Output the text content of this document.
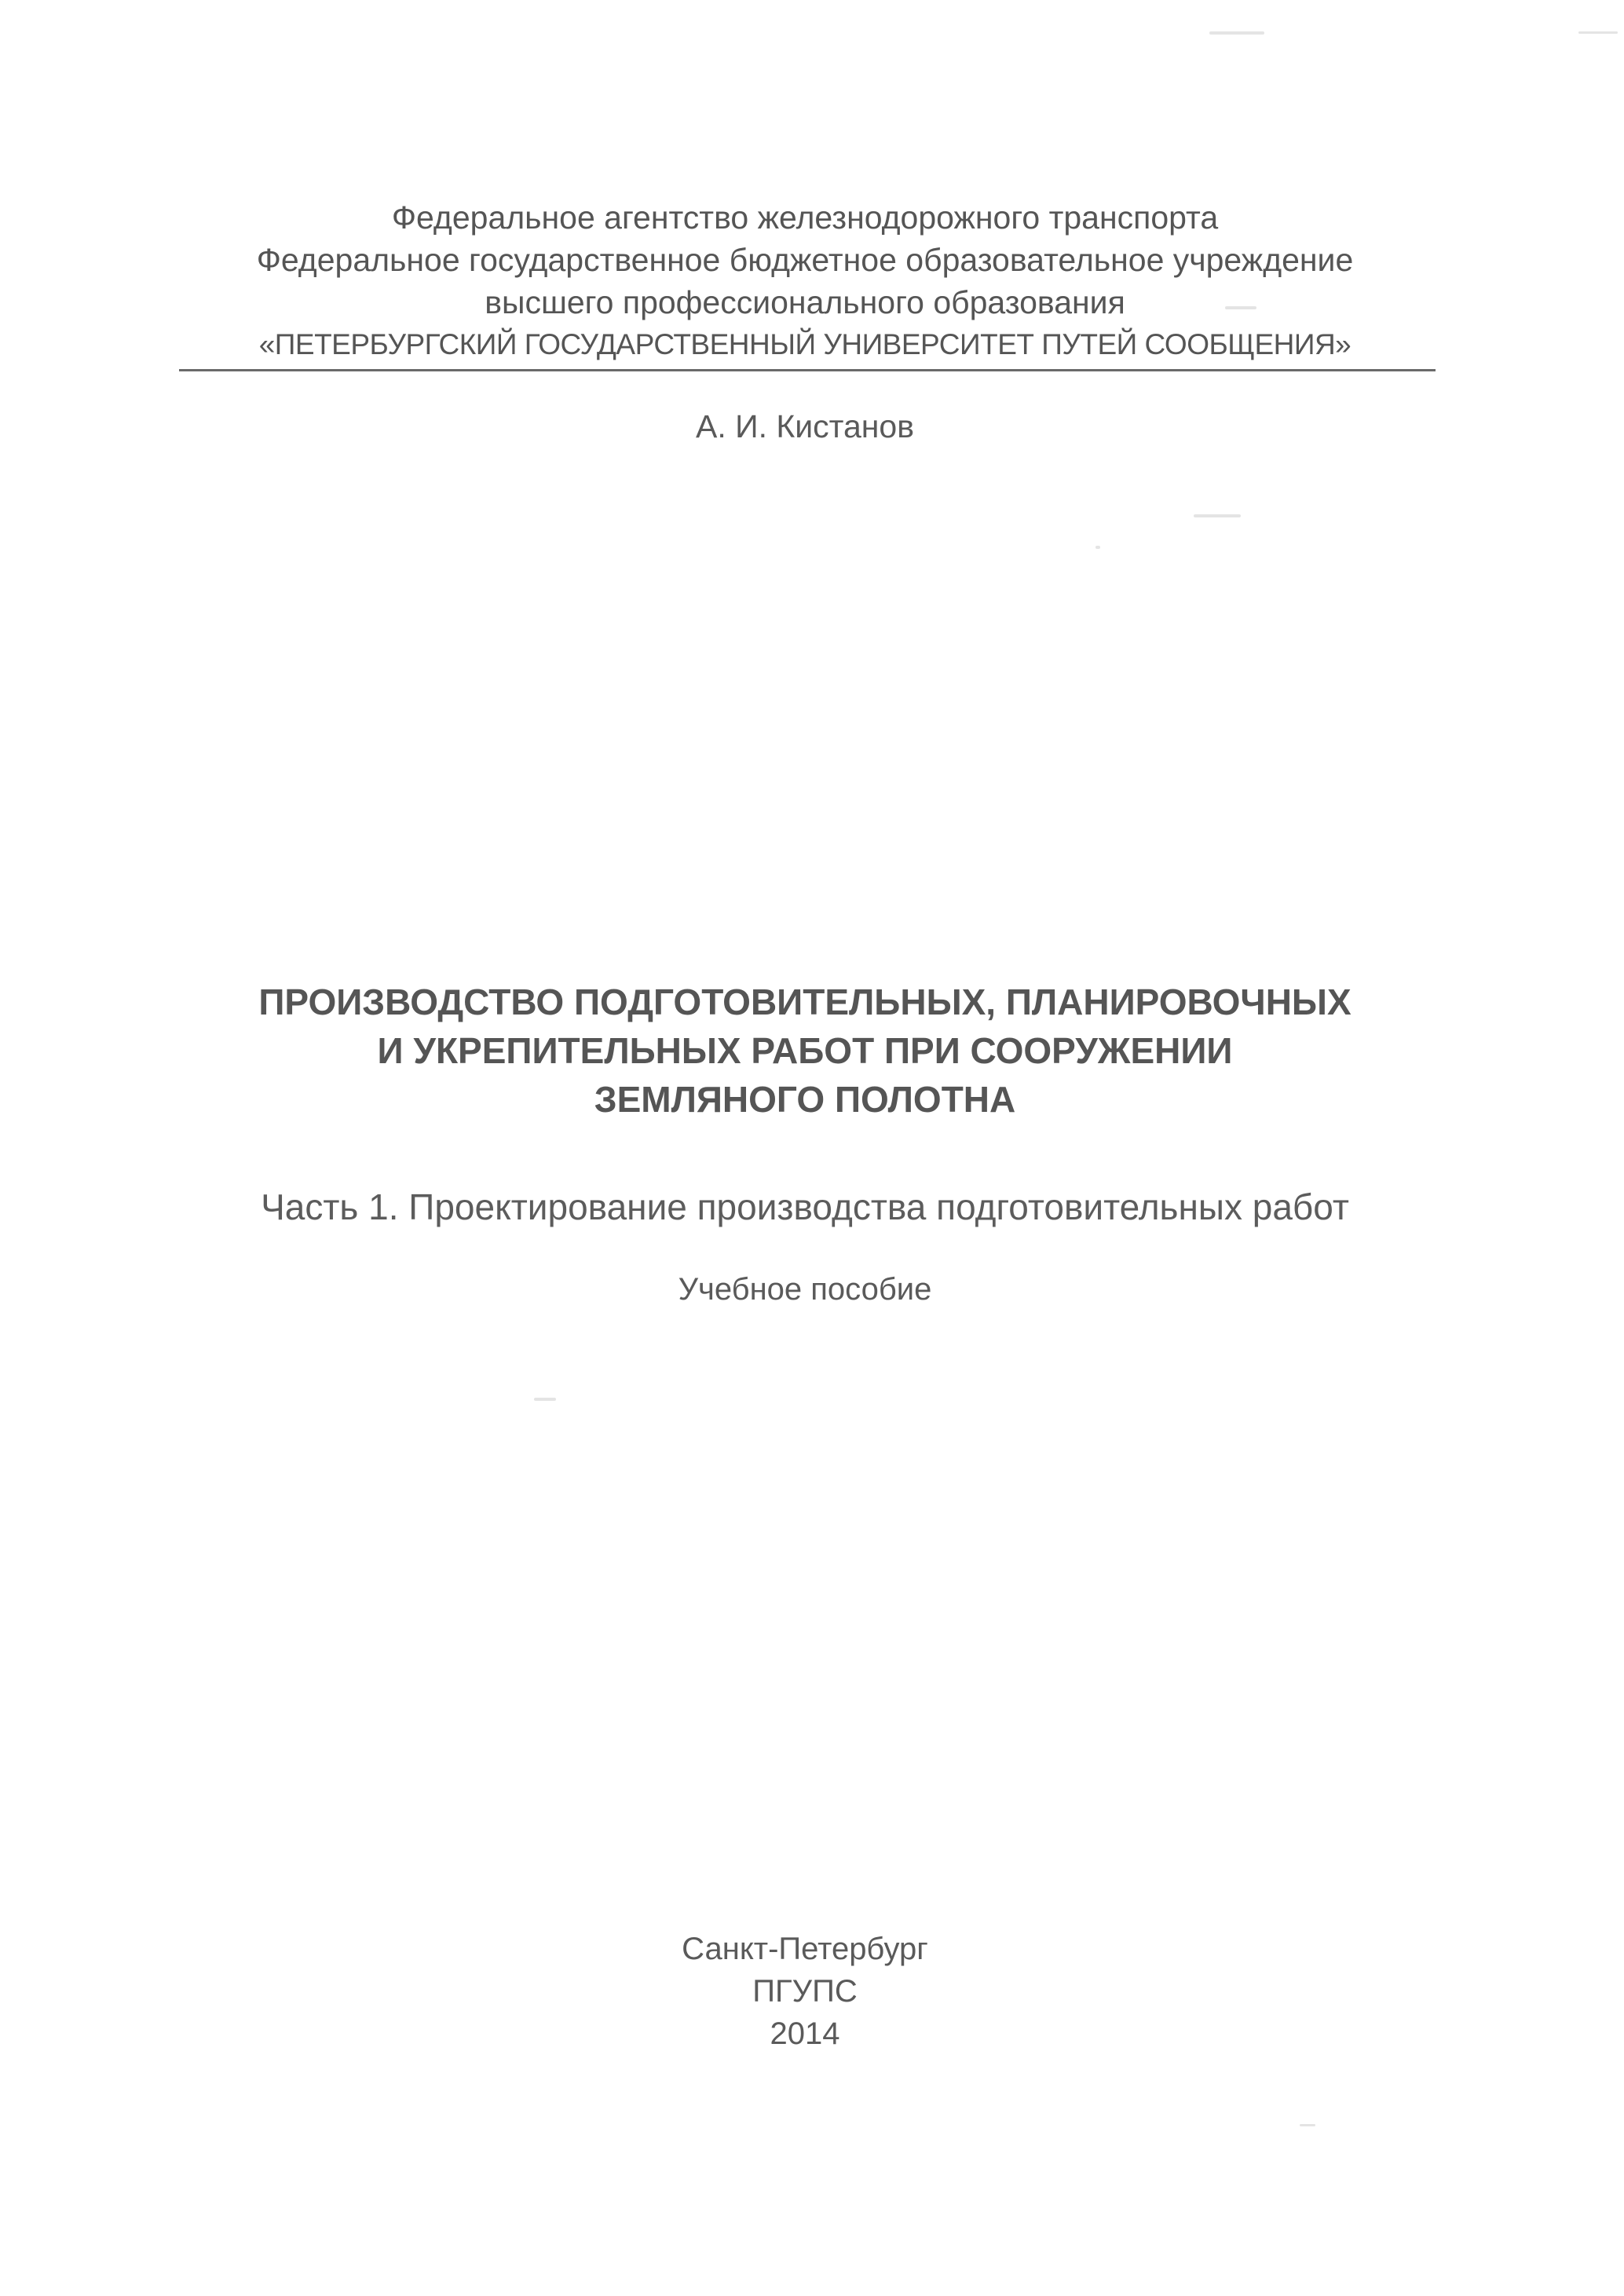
Федеральное агентство железнодорожного транспорта
Федеральное государственное бюджетное образовательное учреждение
высшего профессионального образования
«ПЕТЕРБУРГСКИЙ ГОСУДАРСТВЕННЫЙ УНИВЕРСИТЕТ ПУТЕЙ СООБЩЕНИЯ»
А. И. Кистанов
ПРОИЗВОДСТВО ПОДГОТОВИТЕЛЬНЫХ, ПЛАНИРОВОЧНЫХ
И УКРЕПИТЕЛЬНЫХ РАБОТ ПРИ СООРУЖЕНИИ
ЗЕМЛЯНОГО ПОЛОТНА
Часть 1. Проектирование производства подготовительных работ
Учебное пособие
Санкт-Петербург
ПГУПС
2014
